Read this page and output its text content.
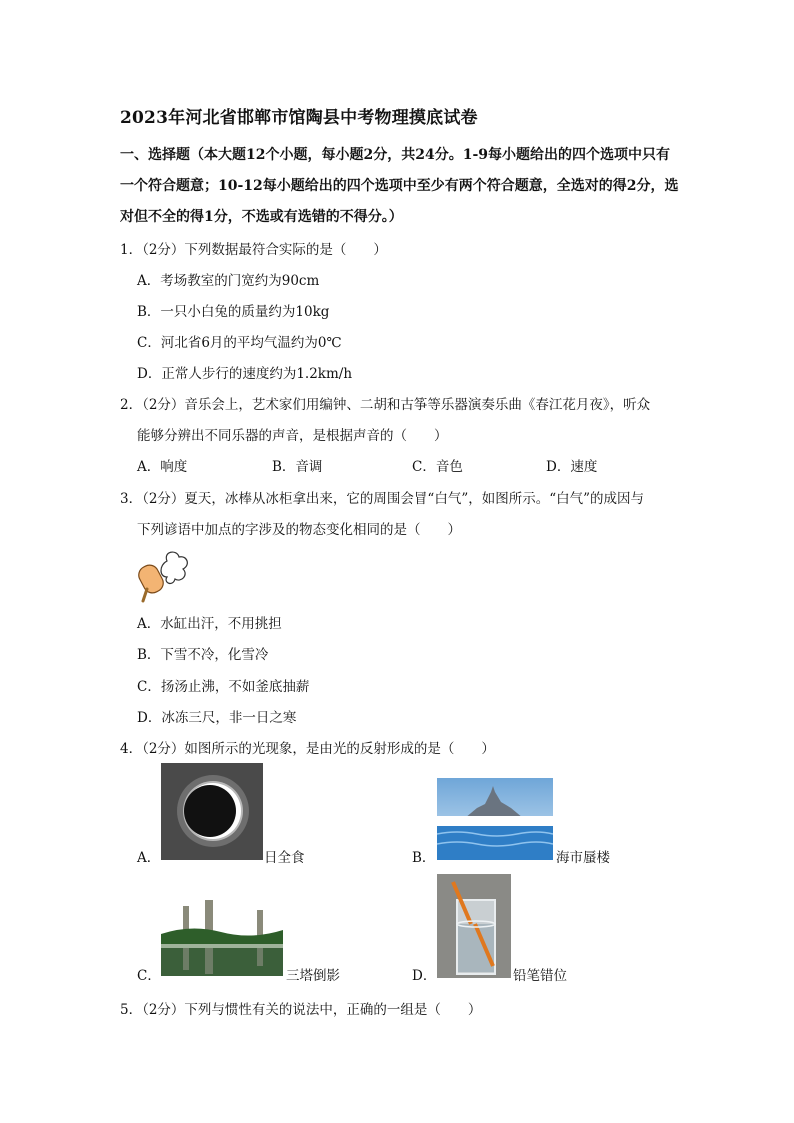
2023年河北省邯郸市馆陶县中考物理摸底试卷
一、选择题（本大题12个小题，每小题2分，共24分。1-9每小题给出的四个选项中只有一个符合题意；10-12每小题给出的四个选项中至少有两个符合题意，全选对的得2分，选对但不全的得1分，不选或有选错的不得分。）
1．（2分）下列数据最符合实际的是（　　）
A．考场教室的门宽约为90cm
B．一只小白兔的质量约为10kg
C．河北省6月的平均气温约为0℃
D．正常人步行的速度约为1.2km/h
2．（2分）音乐会上，艺术家们用编钟、二胡和古筝等乐器演奏乐曲《春江花月夜》，听众
能够分辨出不同乐器的声音，是根据声音的（　　）
A．响度	B．音调	C．音色	D．速度
3．（2分）夏天，冰棒从冰柜拿出来，它的周围会冒“白气”，如图所示。“白气”的成因与
下列谚语中加点的字涉及的物态变化相同的是（　　）
A．水缸出汗，不用挑担
B．下雪不冷，化雪冷
C．扬汤止沸，不如釜底抽薪
D．冰冻三尺，非一日之寒
4．（2分）如图所示的光现象，是由光的反射形成的是（　　）
A．	日全食	B．	海市蜃楼
C．	三塔倒影	D．	铅笔错位
5．（2分）下列与惯性有关的说法中，正确的一组是（　　）
